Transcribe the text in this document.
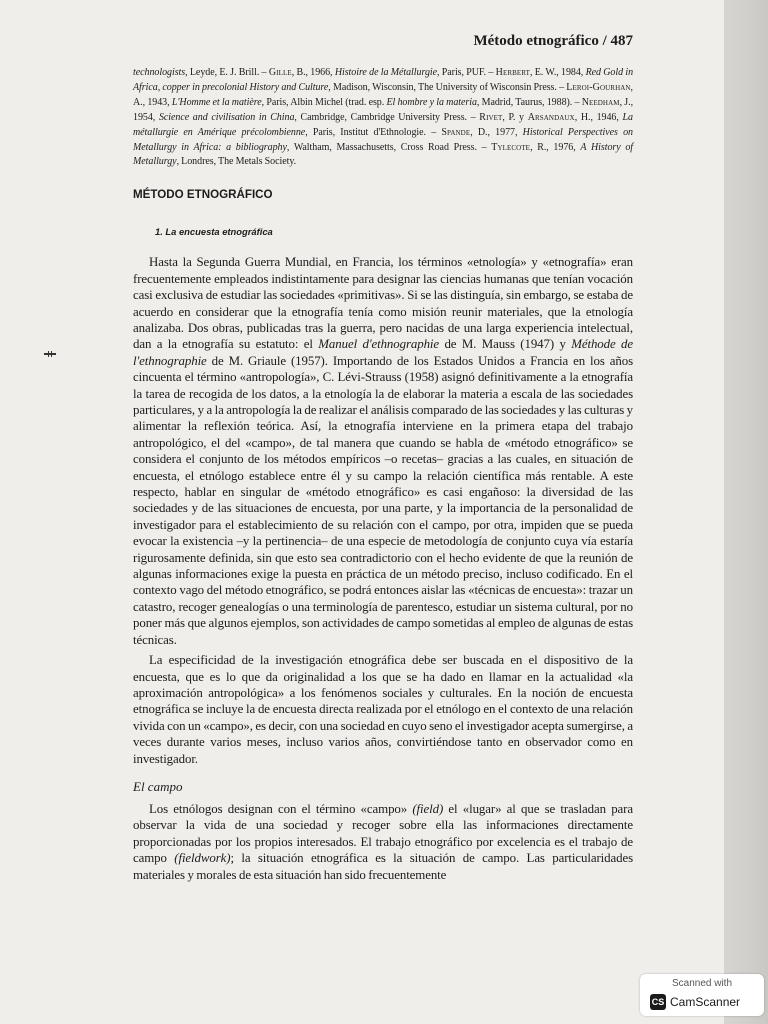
Método etnográfico / 487
technologists, Leyde, E. J. Brill. – Gille, B., 1966, Histoire de la Métallurgie, Paris, PUF. – Herbert, E. W., 1984, Red Gold in Africa, copper in precolonial History and Culture, Madison, Wisconsin, The University of Wisconsin Press. – Leroi-Gourhan, A., 1943, L'Homme et la matière, Paris, Albin Michel (trad. esp. El hombre y la materia, Madrid, Taurus, 1988). – Needham, J., 1954, Science and civilisation in China, Cambridge, Cambridge University Press. – Rivet, P. y Arsandaux, H., 1946, La métallurgie en Amérique précolombienne, Paris, Institut d'Ethnologie. – Spande, D., 1977, Historical Perspectives on Metallurgy in Africa: a bibliography, Waltham, Massachusetts, Cross Road Press. – Tylecote, R., 1976, A History of Metallurgy, Londres, The Metals Society.
MÉTODO ETNOGRÁFICO
1. La encuesta etnográfica

Hasta la Segunda Guerra Mundial, en Francia, los términos «etnología» y «etnografía» eran frecuentemente empleados indistintamente para designar las ciencias humanas que tenían vocación casi exclusiva de estudiar las sociedades «primitivas». Si se las distinguía, sin embargo, se estaba de acuerdo en considerar que la etnografía tenía como misión reunir materiales, que la etnología analizaba. Dos obras, publicadas tras la guerra, pero nacidas de una larga experiencia intelectual, dan a la etnografía su estatuto: el Manuel d'ethnographie de M. Mauss (1947) y Méthode de l'ethnographie de M. Griaule (1957). Importando de los Estados Unidos a Francia en los años cincuenta el término «antropología», C. Lévi-Strauss (1958) asignó definitivamente a la etnografía la tarea de recogida de los datos, a la etnología la de elaborar la materia a escala de las sociedades particulares, y a la antropología la de realizar el análisis comparado de las sociedades y las culturas y alimentar la reflexión teórica. Así, la etnografía interviene en la primera etapa del trabajo antropológico, el del «campo», de tal manera que cuando se habla de «método etnográfico» se considera el conjunto de los métodos empíricos –o recetas– gracias a las cuales, en situación de encuesta, el etnólogo establece entre él y su campo la relación científica más rentable. A este respecto, hablar en singular de «método etnográfico» es casi engañoso: la diversidad de las sociedades y de las situaciones de encuesta, por una parte, y la importancia de la personalidad de investigador para el establecimiento de su relación con el campo, por otra, impiden que se pueda evocar la existencia –y la pertinencia– de una especie de metodología de conjunto cuya vía estaría rigurosamente definida, sin que esto sea contradictorio con el hecho evidente de que la reunión de algunas informaciones exige la puesta en práctica de un método preciso, incluso codificado. En el contexto vago del método etnográfico, se podrá entonces aislar las «técnicas de encuesta»: trazar un catastro, recoger genealogías o una terminología de parentesco, estudiar un sistema cultural, por no poner más que algunos ejemplos, son actividades de campo sometidas al empleo de algunas de estas técnicas.

La especificidad de la investigación etnográfica debe ser buscada en el dispositivo de la encuesta, que es lo que da originalidad a los que se ha dado en llamar en la actualidad «la aproximación antropológica» a los fenómenos sociales y culturales. En la noción de encuesta etnográfica se incluye la de encuesta directa realizada por el etnólogo en el contexto de una relación vivida con un «campo», es decir, con una sociedad en cuyo seno el investigador acepta sumergirse, a veces durante varios meses, incluso varios años, convirtiéndose tanto en observador como en investigador.

El campo

Los etnólogos designan con el término «campo» (field) el «lugar» al que se trasladan para observar la vida de una sociedad y recoger sobre ella las informaciones directamente proporcionadas por los propios interesados. El trabajo etnográfico por excelencia es el trabajo de campo (fieldwork); la situación etnográfica es la situación de campo. Las particularidades materiales y morales de esta situación han sido frecuentemente

Scanned with
CS CamScanner
